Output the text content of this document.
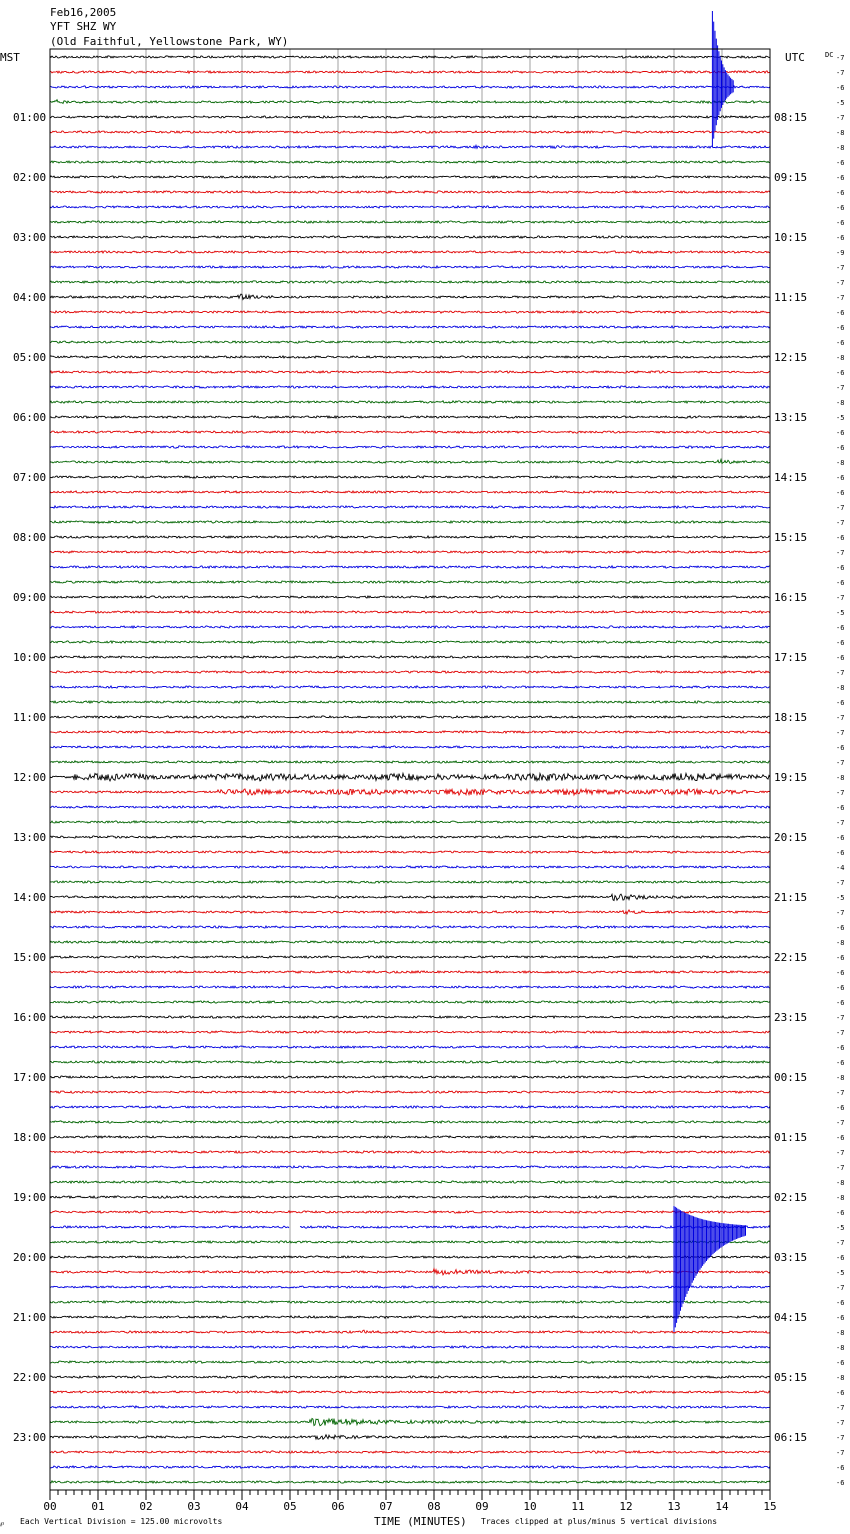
Feb16,2005
YFT SHZ WY
(Old Faithful, Yellowstone Park, WY)
MST	UTC	DC
℘ Each Vertical Division = 125.00 microvolts	TIME (MINUTES) Traces clipped at plus/minus 5 vertical divisions
00	01	02	03	04	05	06	07	08	09	10	11	12	13	14	15
01:00	08:15
02:00	09:15
03:00	10:15
04:00	11:15
05:00	12:15
06:00	13:15
07:00	14:15
08:00	15:15
09:00	16:15
10:00	17:15
11:00	18:15
12:00	19:15
13:00	20:15
14:00	21:15
15:00	22:15
16:00	23:15
17:00	00:15
18:00	01:15
19:00	02:15
20:00	03:15
21:00	04:15
22:00	05:15
23:00	06:15
-7
-7
-6
-5
-7
-8
-8
-6
-6
-6
-6
-6
-6
-9
-7
-7
-7
-6
-6
-6
-8
-6
-7
-8
-5
-6
-6
-8
-6
-6
-7
-7
-6
-7
-6
-6
-7
-5
-6
-6
-6
-7
-8
-6
-7
-7
-6
-7
-8
-7
-6
-7
-6
-6
-4
-7
-5
-7
-6
-8
-6
-6
-6
-6
-7
-7
-6
-6
-8
-7
-6
-7
-6
-7
-7
-8
-8
-6
-5
-7
-6
-5
-7
-6
-6
-8
-8
-6
-8
-6
-7
-7
-7
-7
-6
-6
